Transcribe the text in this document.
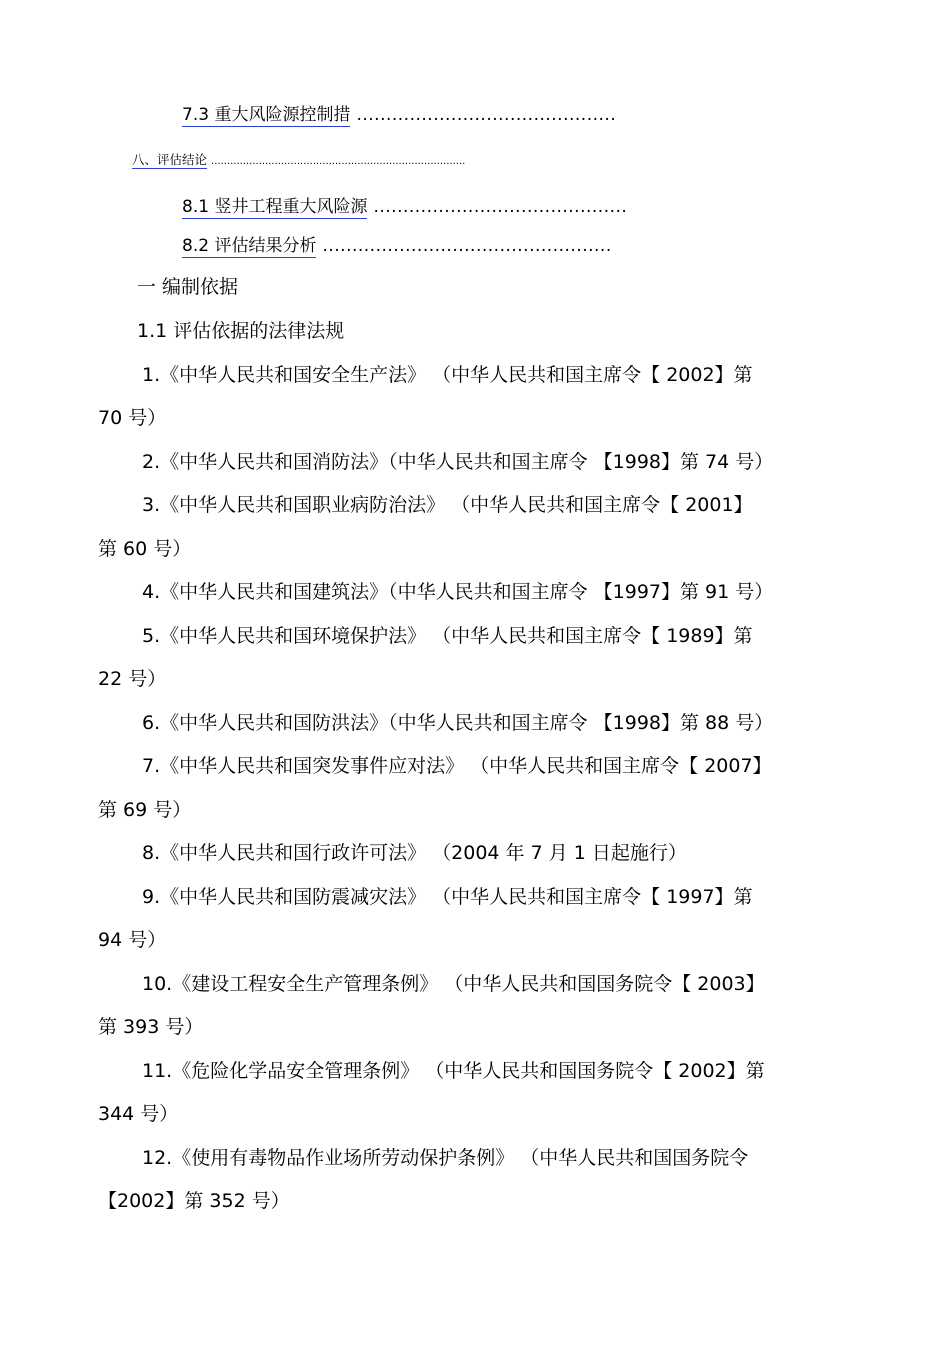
7.3 重大风险源控制措 ............................................
八、评估结论 ................................................................................
8.1 竖井工程重大风险源 ...........................................
8.2 评估结果分析 .................................................
一 编制依据
1.1 评估依据的法律法规
1.《中华人民共和国安全生产法》 （中华人民共和国主席令【 2002】第
70 号）
2.《中华人民共和国消防法》（中华人民共和国主席令 【1998】第 74 号）
3.《中华人民共和国职业病防治法》 （中华人民共和国主席令【 2001】
第 60 号）
4.《中华人民共和国建筑法》（中华人民共和国主席令 【1997】第 91 号）
5.《中华人民共和国环境保护法》 （中华人民共和国主席令【 1989】第
22 号）
6.《中华人民共和国防洪法》（中华人民共和国主席令 【1998】第 88 号）
7.《中华人民共和国突发事件应对法》 （中华人民共和国主席令【 2007】
第 69 号）
8.《中华人民共和国行政许可法》 （2004 年 7 月 1 日起施行）
9.《中华人民共和国防震减灾法》 （中华人民共和国主席令【 1997】第
94 号）
10.《建设工程安全生产管理条例》 （中华人民共和国国务院令【 2003】
第 393 号）
11.《危险化学品安全管理条例》 （中华人民共和国国务院令【 2002】第
344 号）
12.《使用有毒物品作业场所劳动保护条例》 （中华人民共和国国务院令
【2002】第 352 号）
